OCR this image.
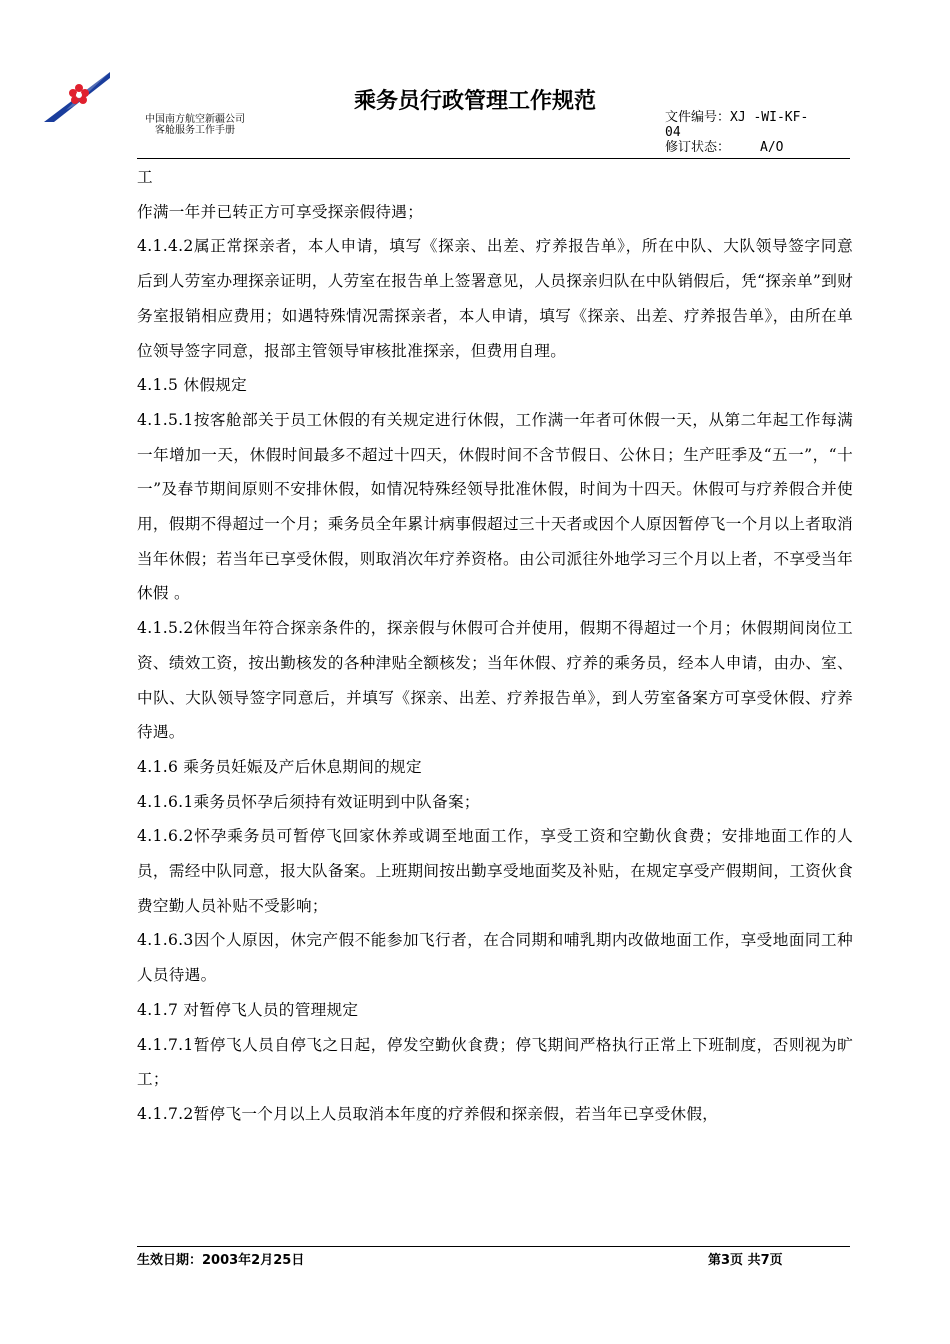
中国南方航空新疆公司
客舱服务工作手册
乘务员行政管理工作规范
文件编号：XJ -WI-KF-
04
修订状态： A/O

工

作满一年并已转正方可享受探亲假待遇；

4.1.4.2属正常探亲者，本人申请，填写《探亲、出差、疗养报告单》，所在中队、大队领导签字同意后到人劳室办理探亲证明，人劳室在报告单上签署意见，人员探亲归队在中队销假后，凭“探亲单”到财务室报销相应费用；如遇特殊情况需探亲者，本人申请，填写《探亲、出差、疗养报告单》，由所在单位领导签字同意，报部主管领导审核批准探亲，但费用自理。

4.1.5 休假规定

4.1.5.1按客舱部关于员工休假的有关规定进行休假，工作满一年者可休假一天，从第二年起工作每满一年增加一天，休假时间最多不超过十四天，休假时间不含节假日、公休日；生产旺季及“五一”，“十一”及春节期间原则不安排休假，如情况特殊经领导批准休假，时间为十四天。休假可与疗养假合并使用，假期不得超过一个月；乘务员全年累计病事假超过三十天者或因个人原因暂停飞一个月以上者取消当年休假；若当年已享受休假，则取消次年疗养资格。由公司派往外地学习三个月以上者，不享受当年休假 。

4.1.5.2休假当年符合探亲条件的，探亲假与休假可合并使用，假期不得超过一个月；休假期间岗位工资、绩效工资，按出勤核发的各种津贴全额核发；当年休假、疗养的乘务员，经本人申请，由办、室、中队、大队领导签字同意后，并填写《探亲、出差、疗养报告单》，到人劳室备案方可享受休假、疗养待遇。

4.1.6 乘务员妊娠及产后休息期间的规定

4.1.6.1乘务员怀孕后须持有效证明到中队备案；

4.1.6.2怀孕乘务员可暂停飞回家休养或调至地面工作，享受工资和空勤伙食费；安排地面工作的人员，需经中队同意，报大队备案。上班期间按出勤享受地面奖及补贴，在规定享受产假期间，工资伙食费空勤人员补贴不受影响；

4.1.6.3因个人原因，休完产假不能参加飞行者，在合同期和哺乳期内改做地面工作，享受地面同工种人员待遇。

4.1.7 对暂停飞人员的管理规定

4.1.7.1暂停飞人员自停飞之日起，停发空勤伙食费；停飞期间严格执行正常上下班制度，否则视为旷工；

4.1.7.2暂停飞一个月以上人员取消本年度的疗养假和探亲假，若当年已享受休假，

生效日期：2003年2月25日	第3页 共7页
